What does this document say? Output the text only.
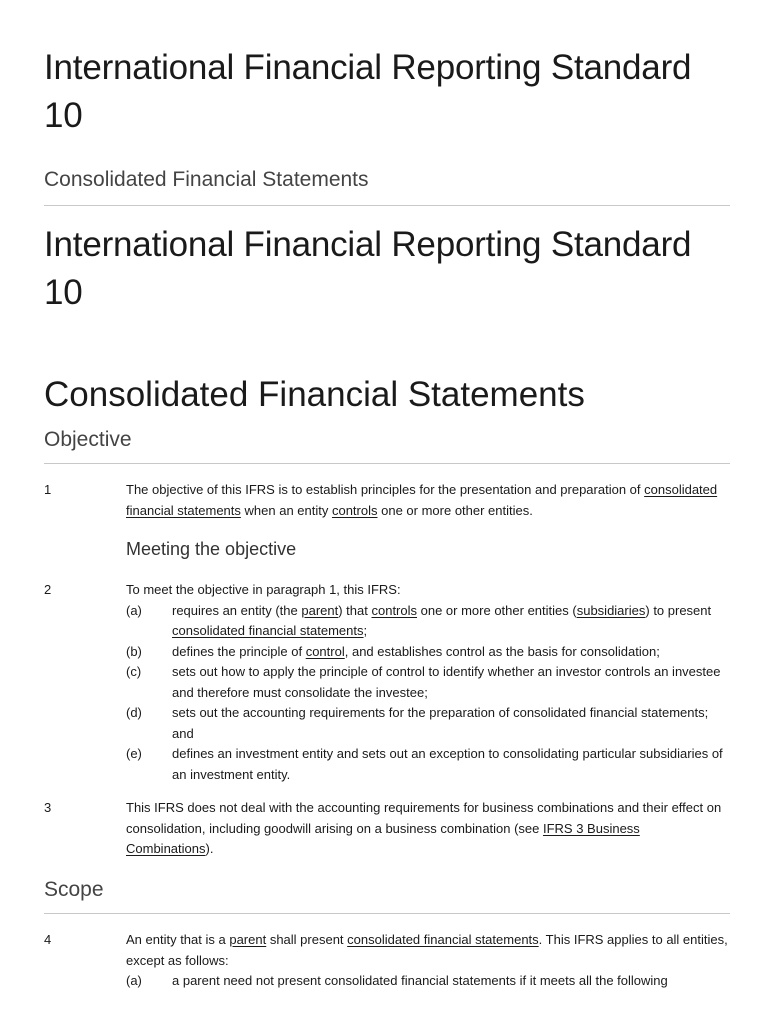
International Financial Reporting Standard 10
Consolidated Financial Statements
International Financial Reporting Standard 10
Consolidated Financial Statements
Objective
1	The objective of this IFRS is to establish principles for the presentation and preparation of consolidated financial statements when an entity controls one or more other entities.
Meeting the objective
2	To meet the objective in paragraph 1, this IFRS:
(a) requires an entity (the parent) that controls one or more other entities (subsidiaries) to present consolidated financial statements;
(b) defines the principle of control, and establishes control as the basis for consolidation;
(c) sets out how to apply the principle of control to identify whether an investor controls an investee and therefore must consolidate the investee;
(d) sets out the accounting requirements for the preparation of consolidated financial statements; and
(e) defines an investment entity and sets out an exception to consolidating particular subsidiaries of an investment entity.
3	This IFRS does not deal with the accounting requirements for business combinations and their effect on consolidation, including goodwill arising on a business combination (see IFRS 3 Business Combinations).
Scope
4	An entity that is a parent shall present consolidated financial statements. This IFRS applies to all entities, except as follows:
(a) a parent need not present consolidated financial statements if it meets all the following
